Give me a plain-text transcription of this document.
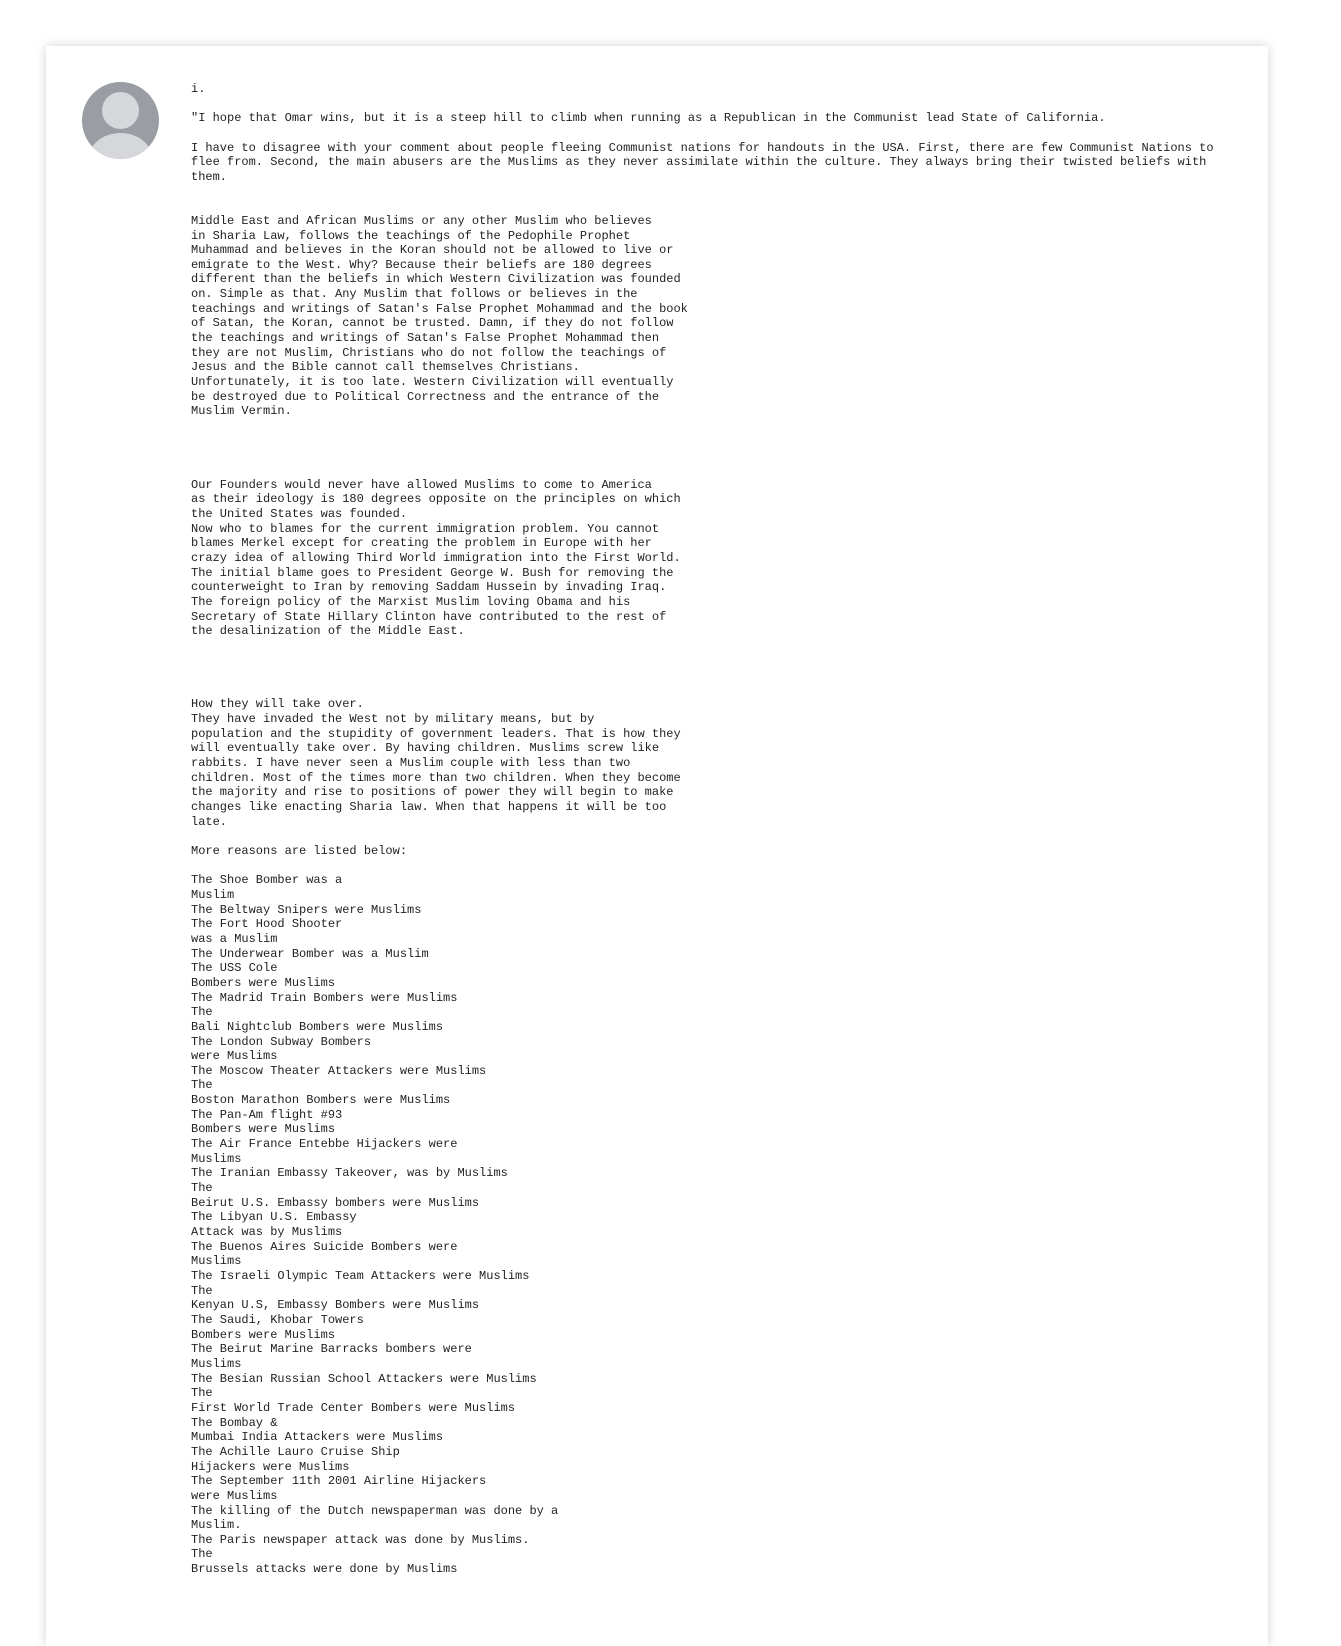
i.
"I hope that Omar wins, but it is a steep hill to climb when running as a Republican in the Communist lead State of California.
I have to disagree with your comment about people fleeing Communist nations for handouts in the USA. First, there are few Communist Nations to flee from. Second, the main abusers are the Muslims as they never assimilate within the culture. They always bring their twisted beliefs with them.
Middle East and African Muslims or any other Muslim who believes
in Sharia Law, follows the teachings of the Pedophile Prophet
Muhammad and believes in the Koran should not be allowed to live or
emigrate to the West. Why? Because their beliefs are 180 degrees
different than the beliefs in which Western Civilization was founded
on. Simple as that. Any Muslim that follows or believes in the
teachings and writings of Satan's False Prophet Mohammad and the book
of Satan, the Koran, cannot be trusted. Damn, if they do not follow
the teachings and writings of Satan's False Prophet Mohammad then
they are not Muslim, Christians who do not follow the teachings of
Jesus and the Bible cannot call themselves Christians.
Unfortunately, it is too late. Western Civilization will eventually
be destroyed due to Political Correctness and the entrance of the
Muslim Vermin.
Our Founders would never have allowed Muslims to come to America
as their ideology is 180 degrees opposite on the principles on which
the United States was founded.
Now who to blames for the current immigration problem. You cannot
blames Merkel except for creating the problem in Europe with her
crazy idea of allowing Third World immigration into the First World.
The initial blame goes to President George W. Bush for removing the
counterweight to Iran by removing Saddam Hussein by invading Iraq.
The foreign policy of the Marxist Muslim loving Obama and his
Secretary of State Hillary Clinton have contributed to the rest of
the desalinization of the Middle East.
How they will take over.
They have invaded the West not by military means, but by
population and the stupidity of government leaders. That is how they
will eventually take over. By having children. Muslims screw like
rabbits. I have never seen a Muslim couple with less than two
children. Most of the times more than two children. When they become
the majority and rise to positions of power they will begin to make
changes like enacting Sharia law. When that happens it will be too
late.
More reasons are listed below:
The Shoe Bomber was a
Muslim
The Beltway Snipers were Muslims
The Fort Hood Shooter
was a Muslim
The Underwear Bomber was a Muslim
The USS Cole
Bombers were Muslims
The Madrid Train Bombers were Muslims
The
Bali Nightclub Bombers were Muslims
The London Subway Bombers
were Muslims
The Moscow Theater Attackers were Muslims
The
Boston Marathon Bombers were Muslims
The Pan-Am flight #93
Bombers were Muslims
The Air France Entebbe Hijackers were
Muslims
The Iranian Embassy Takeover, was by Muslims
The
Beirut U.S. Embassy bombers were Muslims
The Libyan U.S. Embassy
Attack was by Muslims
The Buenos Aires Suicide Bombers were
Muslims
The Israeli Olympic Team Attackers were Muslims
The
Kenyan U.S, Embassy Bombers were Muslims
The Saudi, Khobar Towers
Bombers were Muslims
The Beirut Marine Barracks bombers were
Muslims
The Besian Russian School Attackers were Muslims
The
First World Trade Center Bombers were Muslims
The Bombay &
Mumbai India Attackers were Muslims
The Achille Lauro Cruise Ship
Hijackers were Muslims
The September 11th 2001 Airline Hijackers
were Muslims
The killing of the Dutch newspaperman was done by a
Muslim.
The Paris newspaper attack was done by Muslims.
The
Brussels attacks were done by Muslims
